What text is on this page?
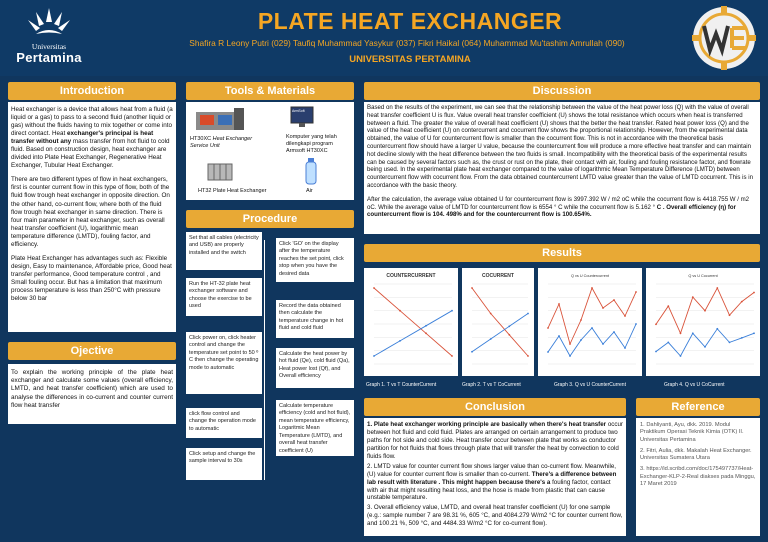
Universitas
Pertamina
PLATE HEAT EXCHANGER
Shafira R Leony Putri (029) Taufiq Muhammad Yasykur (037) Fikri Haikal (064) Muhammad Mu'tashim Amrullah (090)
UNIVERSITAS PERTAMINA
Introduction
Heat exchanger is a device that allows heat from a fluid (a liquid or a gas) to pass to a second fluid (another liquid or gas) without the fluids having to mix together or come into direct contact. Heat exchanger's principal is heat transfer without any mass transfer from hot fluid to cold fluid. Based on construction design, heat exchanger are divided into Plate Heat Exchanger, Regenerative Heat Exchanger, Tubular Heat Exchanger.
There are two different types of flow in heat exchangers, first is counter current flow in this type of flow, both of the fluid flow trough heat exchanger in opposite direction. On the other hand, co-current flow, where both of the fluid flow trough heat exchanger in same direction. There is four main parameter in heat exchanger, such as overall heat transfer coefficient (U), logarithmic mean temperature difference (LMTD), fouling factor, and efficiency.
Plate Heat Exchanger has advantages such as: Flexible design, Easy to maintenance, Affordable price, Good heat transfer performance, Good temperature control , and Small fouling occur. But has a limitation that maximum process temperature is less than 250°C with pressure below 30 bar
Ojective
To explain the working principle of the plate heat exchanger and calculate some values (overall efficiency, LMTD, and heat transfer coefficient) which are used to analyse the differences in co-current and counter current flow heat transfer
Tools & Materials
HT30XC Heat Exchanger Service Unit
ArmSoft
Komputer yang telah dilengkapi program Armsoft HT30XC
HT32 Plate Heat Exchanger	Air
Procedure
Set that all cables (electricity and USB) are properly installed and the switch
Run the HT-32 plate heat exchanger software and choose the exercise to be used
Click power on, click heater control and change the temperature set point to 50 º C then change the operating mode to automatic
click flow control and change the operation mode to automatic
Click setup and change the sample interval to 30s
Click 'GO' on the display after the temperature reaches the set point, click stop when you have the desired data
Record the data obtained then calculate the temperature change in hot fluid and cold fluid
Calculate the heat power by hot fluid (Qe), cold fluid (Qa), Heat power lost (Qf), and Overall efficiency
Calculate temperature efficiency (cold and hot fluid), mean temperature efficiency, Logaritmic Mean Temperature (LMTD), and overall heat transfer coefficient (U)
Discussion
Based on the results of the experiment, we can see that the relationship between the value of the heat power loss (Q) with the value of overall heat transfer coefficient U is flux. Value overall heat transfer coefficient (U) shows the total resistance which occurs when heat is transferred between a fluid. The greater the value of overall heat coefficient (U) shows that the better the heat transfer. Rated heat power loss (Q) and the value of the heat coefficient (U) on contercurrent and cocurrent flow shows the proportional relationship. However, from the experimental data obtained, the value of U for countercurrent flow is smaller than the cocurrent flow. This is not in accordance with the theoretical basis countercurrent flow should have a larger U value, because the countercurrent flow will produce a more effective heat transfer and can maintain hot decline slowly with the heat difference between the two fluids is small. Incompatibility with the theoretical basis of the experimental results can be caused by several factors such as, the crust or rust on the plate, their contact with air, fouling and fouling resistance factor, and flowrate being used. In the experimental plate heat exchanger compared to the value of logarithmic Mean Temperature Difference (LMTD) between countercurrent flow with cocurrent flow. From the data obtained countercurrent LMTD value greater than the value of LMTD cocurrent. This is in accordance with the basic theory.
After the calculation, the average value obtained U for countercurrent flow is 3997.392 W / m2 oC while the cocurrent flow is 4418.755 W / m2 oC. While the average value of LMTD for countercurrent flow is 6554 ° C while the cocurrent flow is 5.162 ° C . Overall efficiency (η) for countercurrent flow is 104. 498% and for the countercurrent flow is 100.654%.
Results
COUNTERCURRENT	COCURRENT	Q vs U Countercurrent	Q vs U Cocurrent
Graph 1. T vs T CounterCurrent	Graph 2. T vs T CoCurrent	Graph 3. Q vs U CounterCurrent	Graph 4. Q vs U CoCurrent
Conclusion
1. Plate heat exchanger working principle are basically when there's heat transfer occur between hot fluid and cold fluid. Plates are arranged on certain arrangement to produce two paths for hot side and cold side. Heat transfer occur between plate that works as conductor partition for hot fluids that flows through plate that will transfer the heat by convection to cold fluids flow.
2. LMTD value for counter current flow shows larger value than co-current flow. Meanwhile, (U) value for counter current flow is smaller than co-current. There's a difference between lab result with literature . This might happen because there's a fouling factor, contact with air that might resulting heat loss, and the hose is made from plastic that can cause unstable temperature.
3. Overall efficiency value, LMTD, and overall heat transfer coefficient (U) for one sample (e.g.: sample number 7 are 98.31 %, 605 °C, and 4084.279 W/m2 °C for counter current flow, and 100.21 %, 509 °C, and 4484.33 W/m2 °C for co-current flow).
Reference
1. Dahliyanti, Ayu, dkk. 2019. Modul Praktikum Operasi Teknik Kimia (OTK) II. Universitas Pertamina
2. Fitri, Aulia, dkk. Makalah Heat Exchanger. Universitas Sumatera Utara
3. https://id.scribd.com/doc/175497737/Heat-Exchanger-KLP-2-Real diakses pada Minggu, 17 Maret 2019
